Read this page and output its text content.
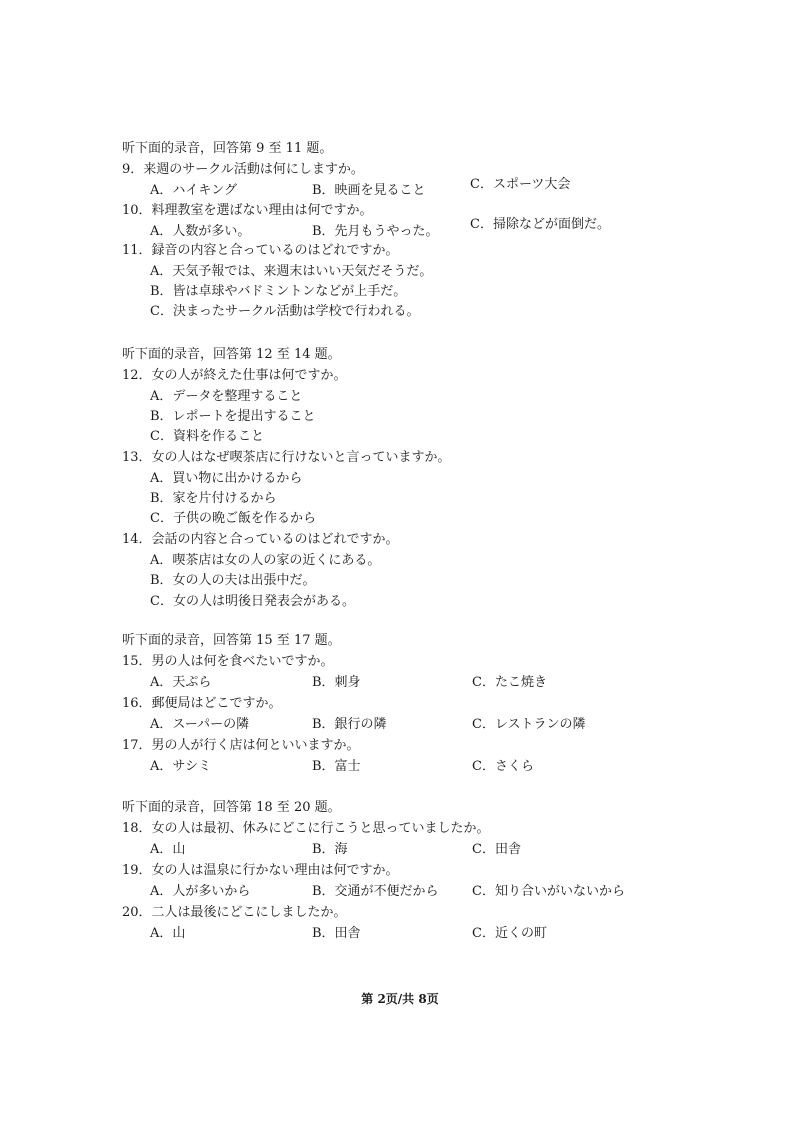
听下面的录音，回答第 9 至 11 题。
9．来週のサークル活動は何にしますか。
A．ハイキング	B．映画を見ること	C．スポーツ大会
10．料理教室を選ばない理由は何ですか。
A．人数が多い。	B．先月もうやった。 C．掃除などが面倒だ。
11．録音の内容と合っているのはどれですか。
A．天気予報では、来週末はいい天気だそうだ。
B．皆は卓球やバドミントンなどが上手だ。
C．決まったサークル活動は学校で行われる。
听下面的录音，回答第 12 至 14 题。
12．女の人が終えた仕事は何ですか。
A．データを整理すること
B．レポートを提出すること
C．資料を作ること
13．女の人はなぜ喫茶店に行けないと言っていますか。
A．買い物に出かけるから
B．家を片付けるから
C．子供の晩ご飯を作るから
14．会話の内容と合っているのはどれですか。
A．喫茶店は女の人の家の近くにある。
B．女の人の夫は出張中だ。
C．女の人は明後日発表会がある。
听下面的录音，回答第 15 至 17 题。
15．男の人は何を食べたいですか。
A．天ぷら	B．刺身	C．たこ焼き
16．郵便局はどこですか。
A．スーパーの隣	B．銀行の隣	C．レストランの隣
17．男の人が行く店は何といいますか。
A．サシミ	B．富士	C．さくら
听下面的录音，回答第 18 至 20 题。
18．女の人は最初、休みにどこに行こうと思っていましたか。
A．山	B．海	C．田舎
19．女の人は温泉に行かない理由は何ですか。
A．人が多いから	B．交通が不便だから	C．知り合いがいないから
20．二人は最後にどこにしましたか。
A．山	B．田舎	C．近くの町
第 2页/共 8页
